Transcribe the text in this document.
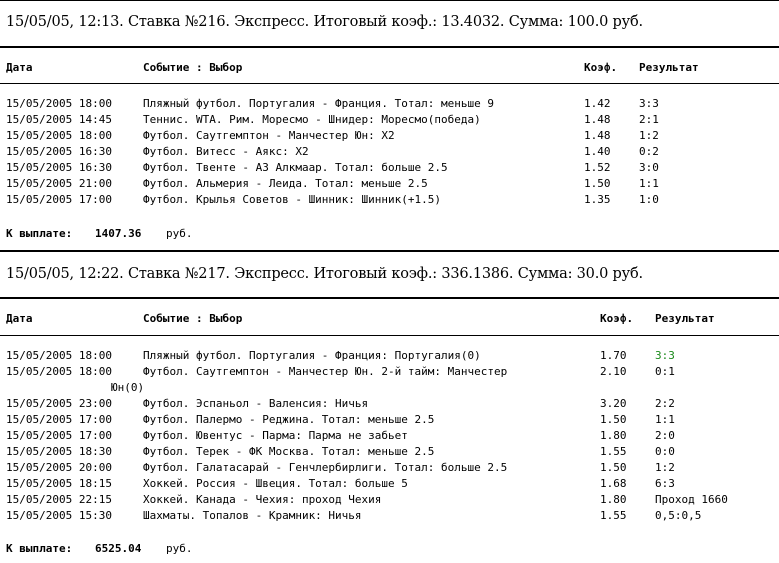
15/05/05, 12:13. Ставка №216. Экспресс. Итоговый коэф.: 13.4032. Сумма: 100.0 руб.
Дата	Событие : Выбор	Коэф. Результат
15/05/2005 18:00	Пляжный футбол. Португалия - Франция. Тотал: меньше 9	1.42	3:3
15/05/2005 14:45	Теннис. WTA. Рим. Мореcмо - Шнидер: Мореcмо(победа)	1.48	2:1
15/05/2005 18:00	Футбол. Саутгемптон - Манчестер Юн: Х2	1.48	1:2
15/05/2005 16:30	Футбол. Витесс - Аякс: Х2	1.40	0:2
15/05/2005 16:30	Футбол. Твенте - АЗ Алкмаар. Тотал: больше 2.5	1.52	3:0
15/05/2005 21:00	Футбол. Альмерия - Леида. Тотал: меньше 2.5	1.50	1:1
15/05/2005 17:00	Футбол. Крылья Советов - Шинник: Шинник(+1.5)	1.35	1:0
К выплате: 1407.36 руб.
15/05/05, 12:22. Ставка №217. Экспресс. Итоговый коэф.: 336.1386. Сумма: 30.0 руб.
Дата	Событие : Выбор	Коэф. Результат
15/05/2005 18:00	Пляжный футбол. Португалия - Франция: Португалия(0)	1.70	3:3
15/05/2005 18:00	Футбол. Саутгемптон - Манчестер Юн. 2-й тайм: Манчестер	2.10	0:1
Юн(0)
15/05/2005 23:00	Футбол. Эспаньол - Валенсия: Ничья	3.20	2:2
15/05/2005 17:00	Футбол. Палермо - Реджина. Тотал: меньше 2.5	1.50	1:1
15/05/2005 17:00	Футбол. Ювентус - Парма: Парма не забьет	1.80	2:0
15/05/2005 18:30	Футбол. Терек - ФК Москва. Тотал: меньше 2.5	1.55	0:0
15/05/2005 20:00	Футбол. Галатасарай - Генчлербирлиги. Тотал: больше 2.5	1.50	1:2
15/05/2005 18:15	Хоккей. Россия - Швеция. Тотал: больше 5	1.68	6:3
15/05/2005 22:15	Хоккей. Канада - Чехия: проход Чехия	1.80	Проход 1660
15/05/2005 15:30	Шахматы. Топалов - Крамник: Ничья	1.55	0,5:0,5
К выплате: 6525.04 руб.
